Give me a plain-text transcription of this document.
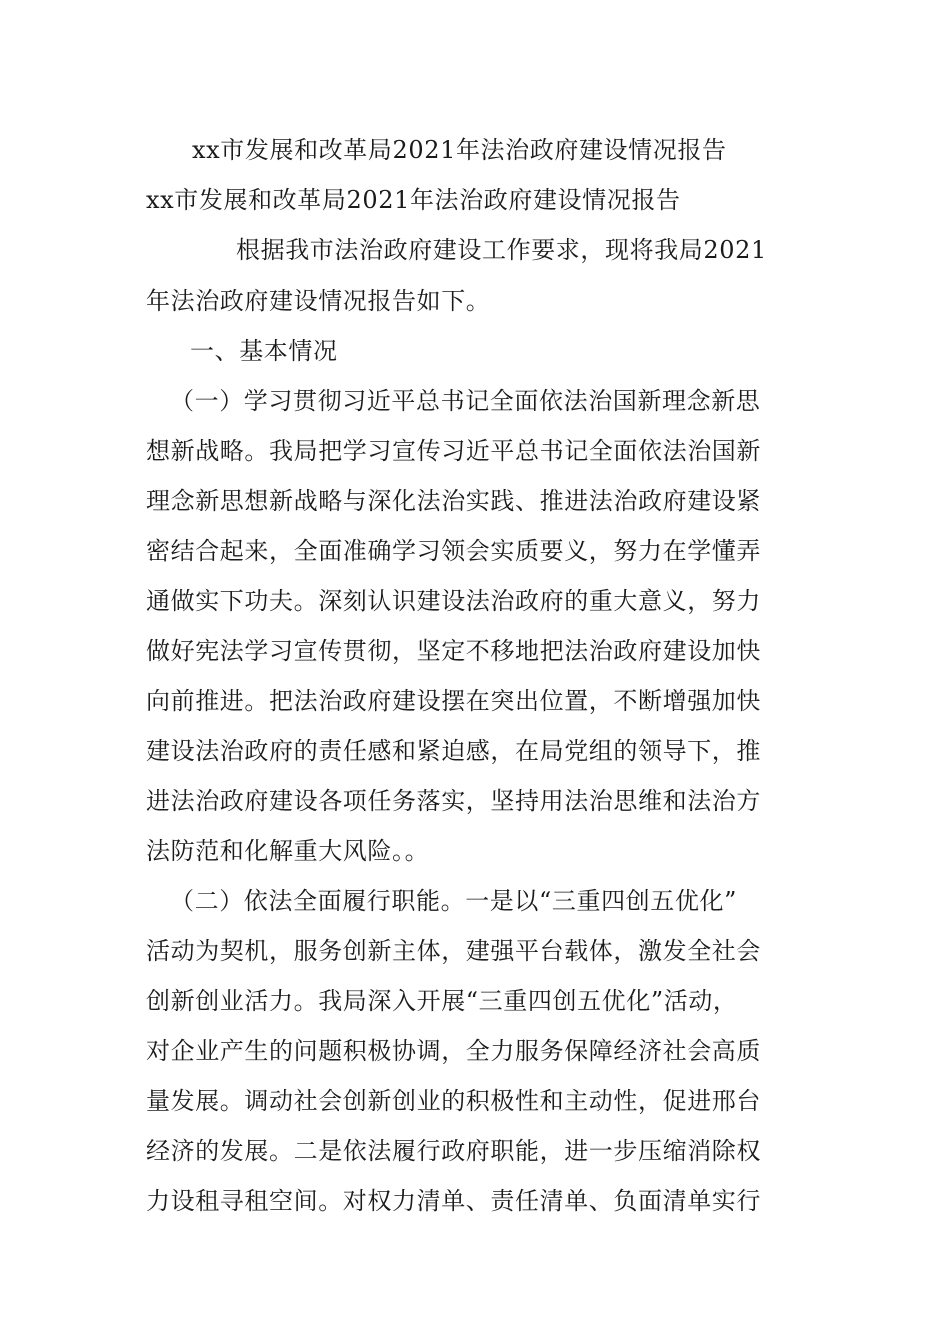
xx市发展和改革局2021年法治政府建设情况报告
xx市发展和改革局2021年法治政府建设情况报告
根据我市法治政府建设工作要求，现将我局2021
年法治政府建设情况报告如下。
一、基本情况
（一）学习贯彻习近平总书记全面依法治国新理念新思
想新战略。我局把学习宣传习近平总书记全面依法治国新
理念新思想新战略与深化法治实践、推进法治政府建设紧
密结合起来，全面准确学习领会实质要义，努力在学懂弄
通做实下功夫。深刻认识建设法治政府的重大意义，努力
做好宪法学习宣传贯彻，坚定不移地把法治政府建设加快
向前推进。把法治政府建设摆在突出位置，不断增强加快
建设法治政府的责任感和紧迫感，在局党组的领导下，推
进法治政府建设各项任务落实，坚持用法治思维和法治方
法防范和化解重大风险。。
（二）依法全面履行职能。一是以“三重四创五优化”
活动为契机，服务创新主体，建强平台载体，激发全社会
创新创业活力。我局深入开展“三重四创五优化”活动，
对企业产生的问题积极协调，全力服务保障经济社会高质
量发展。调动社会创新创业的积极性和主动性，促进邢台
经济的发展。二是依法履行政府职能，进一步压缩消除权
力设租寻租空间。对权力清单、责任清单、负面清单实行
